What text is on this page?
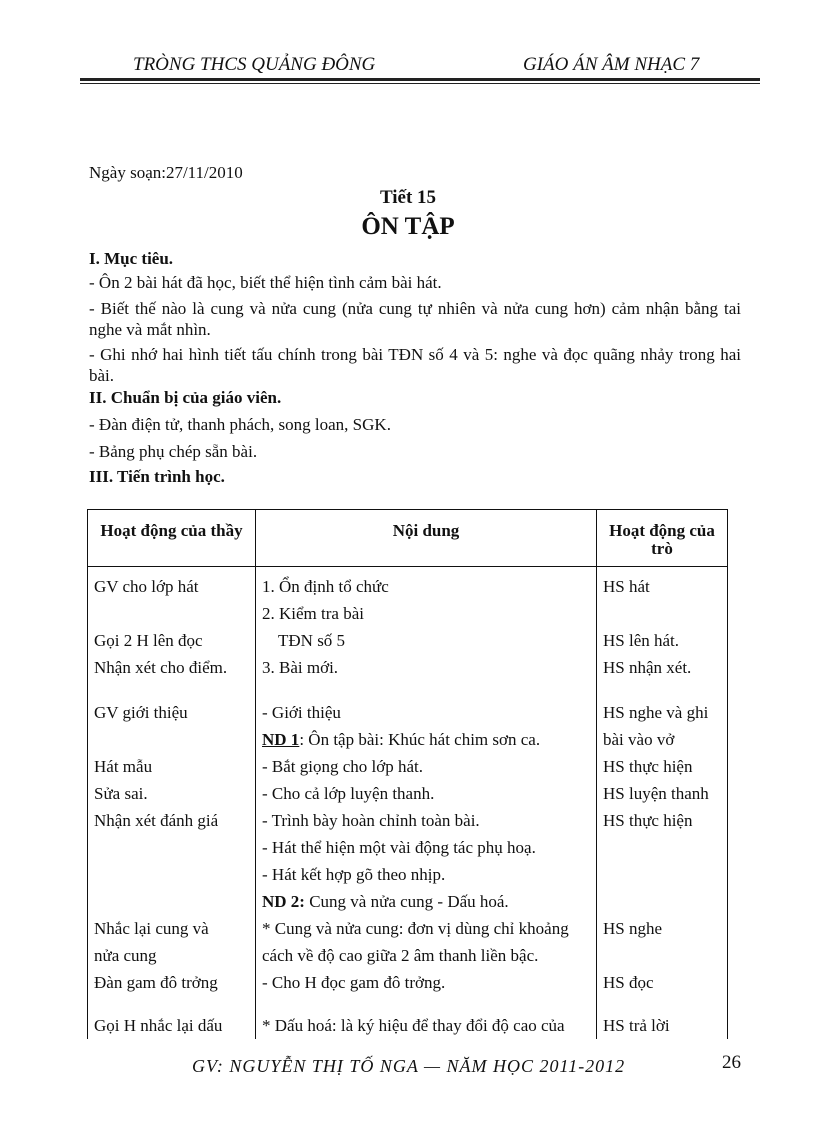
TRÒNG THCS QUẢNG ĐÔNG	GIÁO ÁN ÂM NHẠC 7
Ngày soạn:27/11/2010
Tiết 15
ÔN TẬP
I. Mục tiêu.
- Ôn 2 bài hát đã học, biết thể hiện tình cảm bài hát.
- Biết thế nào là cung và nửa cung (nửa cung tự nhiên và nửa cung hơn) cảm nhận bằng tai nghe và mắt nhìn.
- Ghi nhớ hai hình tiết tấu chính trong bài TĐN số 4 và 5: nghe và đọc quãng nhảy trong hai bài.
II. Chuẩn bị của giáo viên.
- Đàn điện tử, thanh phách, song loan, SGK.
- Bảng phụ chép sẵn bài.
III. Tiến trình học.
Hoạt động của thầy	Nội dung	Hoạt động của trò
GV cho lớp hát	1. Ổn định tổ chức	HS hát
	2. Kiểm tra bài	
Gọi 2 H lên đọc	TĐN số 5	HS lên hát.
Nhận xét cho điểm.	3. Bài mới.	HS nhận xét.
GV giới thiệu	- Giới thiệu	HS nghe và ghi
	ND 1: Ôn tập bài: Khúc hát chim sơn ca.	bài vào vở
Hát mẫu	- Bắt giọng cho lớp hát.	HS thực hiện
Sửa sai.	- Cho cả lớp luyện thanh.	HS luyện thanh
Nhận xét đánh giá	- Trình bày hoàn chỉnh toàn bài.	HS thực hiện
	- Hát thể hiện một vài động tác phụ hoạ.	
	- Hát kết hợp gõ theo nhịp.	
	ND 2: Cung và nửa cung - Dấu hoá.	
Nhắc lại cung và	* Cung và nửa cung: đơn vị dùng chỉ khoảng	HS nghe
nửa cung	cách về độ cao giữa 2 âm thanh liền bậc.	
Đàn gam đô trởng	- Cho H đọc gam đô trởng.	HS đọc
Gọi H nhắc lại dấu	* Dấu hoá: là ký hiệu để thay đổi độ cao của	HS trả lời
GV: NGUYỄN THỊ TỐ NGA — NĂM HỌC 2011-2012	26
